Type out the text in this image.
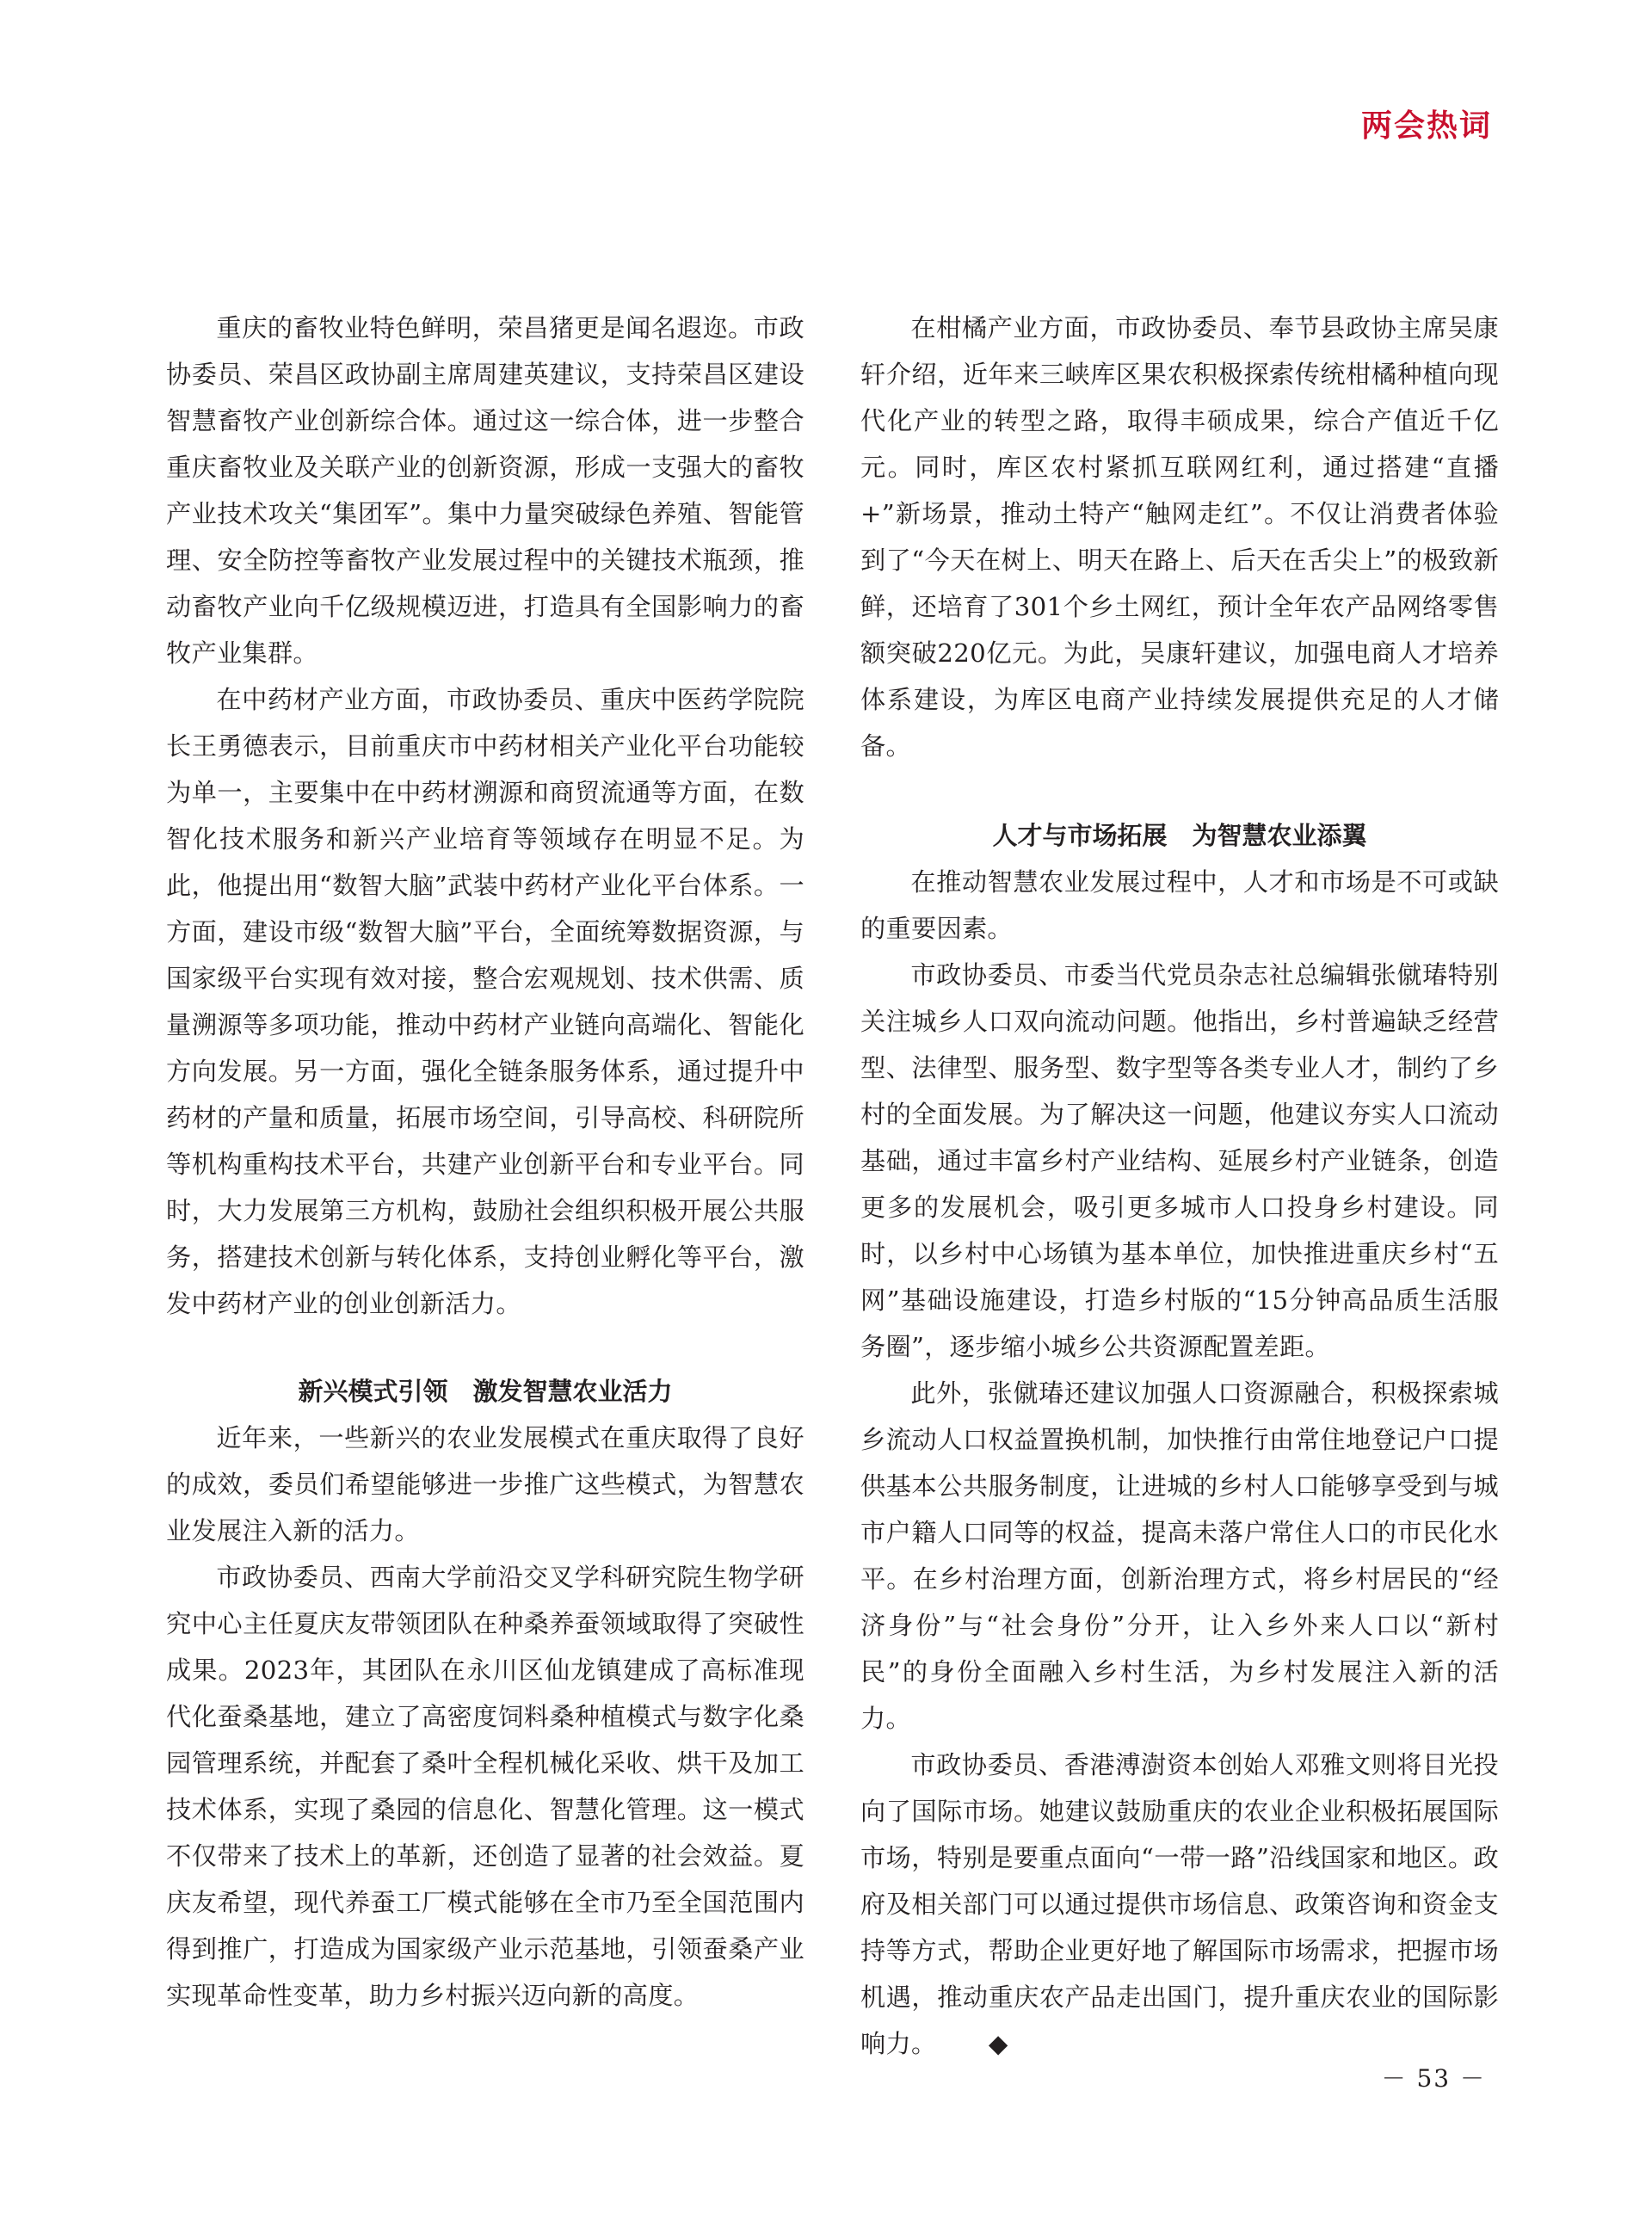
两会热词

重庆的畜牧业特色鲜明，荣昌猪更是闻名遐迩。市政协委员、荣昌区政协副主席周建英建议，支持荣昌区建设智慧畜牧产业创新综合体。通过这一综合体，进一步整合重庆畜牧业及关联产业的创新资源，形成一支强大的畜牧产业技术攻关“集团军”。集中力量突破绿色养殖、智能管理、安全防控等畜牧产业发展过程中的关键技术瓶颈，推动畜牧产业向千亿级规模迈进，打造具有全国影响力的畜牧产业集群。

在中药材产业方面，市政协委员、重庆中医药学院院长王勇德表示，目前重庆市中药材相关产业化平台功能较为单一，主要集中在中药材溯源和商贸流通等方面，在数智化技术服务和新兴产业培育等领域存在明显不足。为此，他提出用“数智大脑”武装中药材产业化平台体系。一方面，建设市级“数智大脑”平台，全面统筹数据资源，与国家级平台实现有效对接，整合宏观规划、技术供需、质量溯源等多项功能，推动中药材产业链向高端化、智能化方向发展。另一方面，强化全链条服务体系，通过提升中药材的产量和质量，拓展市场空间，引导高校、科研院所等机构重构技术平台，共建产业创新平台和专业平台。同时，大力发展第三方机构，鼓励社会组织积极开展公共服务，搭建技术创新与转化体系，支持创业孵化等平台，激发中药材产业的创业创新活力。

新兴模式引领　激发智慧农业活力

近年来，一些新兴的农业发展模式在重庆取得了良好的成效，委员们希望能够进一步推广这些模式，为智慧农业发展注入新的活力。

市政协委员、西南大学前沿交叉学科研究院生物学研究中心主任夏庆友带领团队在种桑养蚕领域取得了突破性成果。2023年，其团队在永川区仙龙镇建成了高标准现代化蚕桑基地，建立了高密度饲料桑种植模式与数字化桑园管理系统，并配套了桑叶全程机械化采收、烘干及加工技术体系，实现了桑园的信息化、智慧化管理。这一模式不仅带来了技术上的革新，还创造了显著的社会效益。夏庆友希望，现代养蚕工厂模式能够在全市乃至全国范围内得到推广，打造成为国家级产业示范基地，引领蚕桑产业实现革命性变革，助力乡村振兴迈向新的高度。

在柑橘产业方面，市政协委员、奉节县政协主席吴康轩介绍，近年来三峡库区果农积极探索传统柑橘种植向现代化产业的转型之路，取得丰硕成果，综合产值近千亿元。同时，库区农村紧抓互联网红利，通过搭建“直播+”新场景，推动土特产“触网走红”。不仅让消费者体验到了“今天在树上、明天在路上、后天在舌尖上”的极致新鲜，还培育了301个乡土网红，预计全年农产品网络零售额突破220亿元。为此，吴康轩建议，加强电商人才培养体系建设，为库区电商产业持续发展提供充足的人才储备。

人才与市场拓展　为智慧农业添翼

在推动智慧农业发展过程中，人才和市场是不可或缺的重要因素。

市政协委员、市委当代党员杂志社总编辑张僦瑃特别关注城乡人口双向流动问题。他指出，乡村普遍缺乏经营型、法律型、服务型、数字型等各类专业人才，制约了乡村的全面发展。为了解决这一问题，他建议夯实人口流动基础，通过丰富乡村产业结构、延展乡村产业链条，创造更多的发展机会，吸引更多城市人口投身乡村建设。同时，以乡村中心场镇为基本单位，加快推进重庆乡村“五网”基础设施建设，打造乡村版的“15分钟高品质生活服务圈”，逐步缩小城乡公共资源配置差距。

此外，张僦瑃还建议加强人口资源融合，积极探索城乡流动人口权益置换机制，加快推行由常住地登记户口提供基本公共服务制度，让进城的乡村人口能够享受到与城市户籍人口同等的权益，提高未落户常住人口的市民化水平。在乡村治理方面，创新治理方式，将乡村居民的“经济身份”与“社会身份”分开，让入乡外来人口以“新村民”的身份全面融入乡村生活，为乡村发展注入新的活力。

市政协委员、香港溥澍资本创始人邓雅文则将目光投向了国际市场。她建议鼓励重庆的农业企业积极拓展国际市场，特别是要重点面向“一带一路”沿线国家和地区。政府及相关部门可以通过提供市场信息、政策咨询和资金支持等方式，帮助企业更好地了解国际市场需求，把握市场机遇，推动重庆农产品走出国门，提升重庆农业的国际影响力。 ◆

－ 53 －
